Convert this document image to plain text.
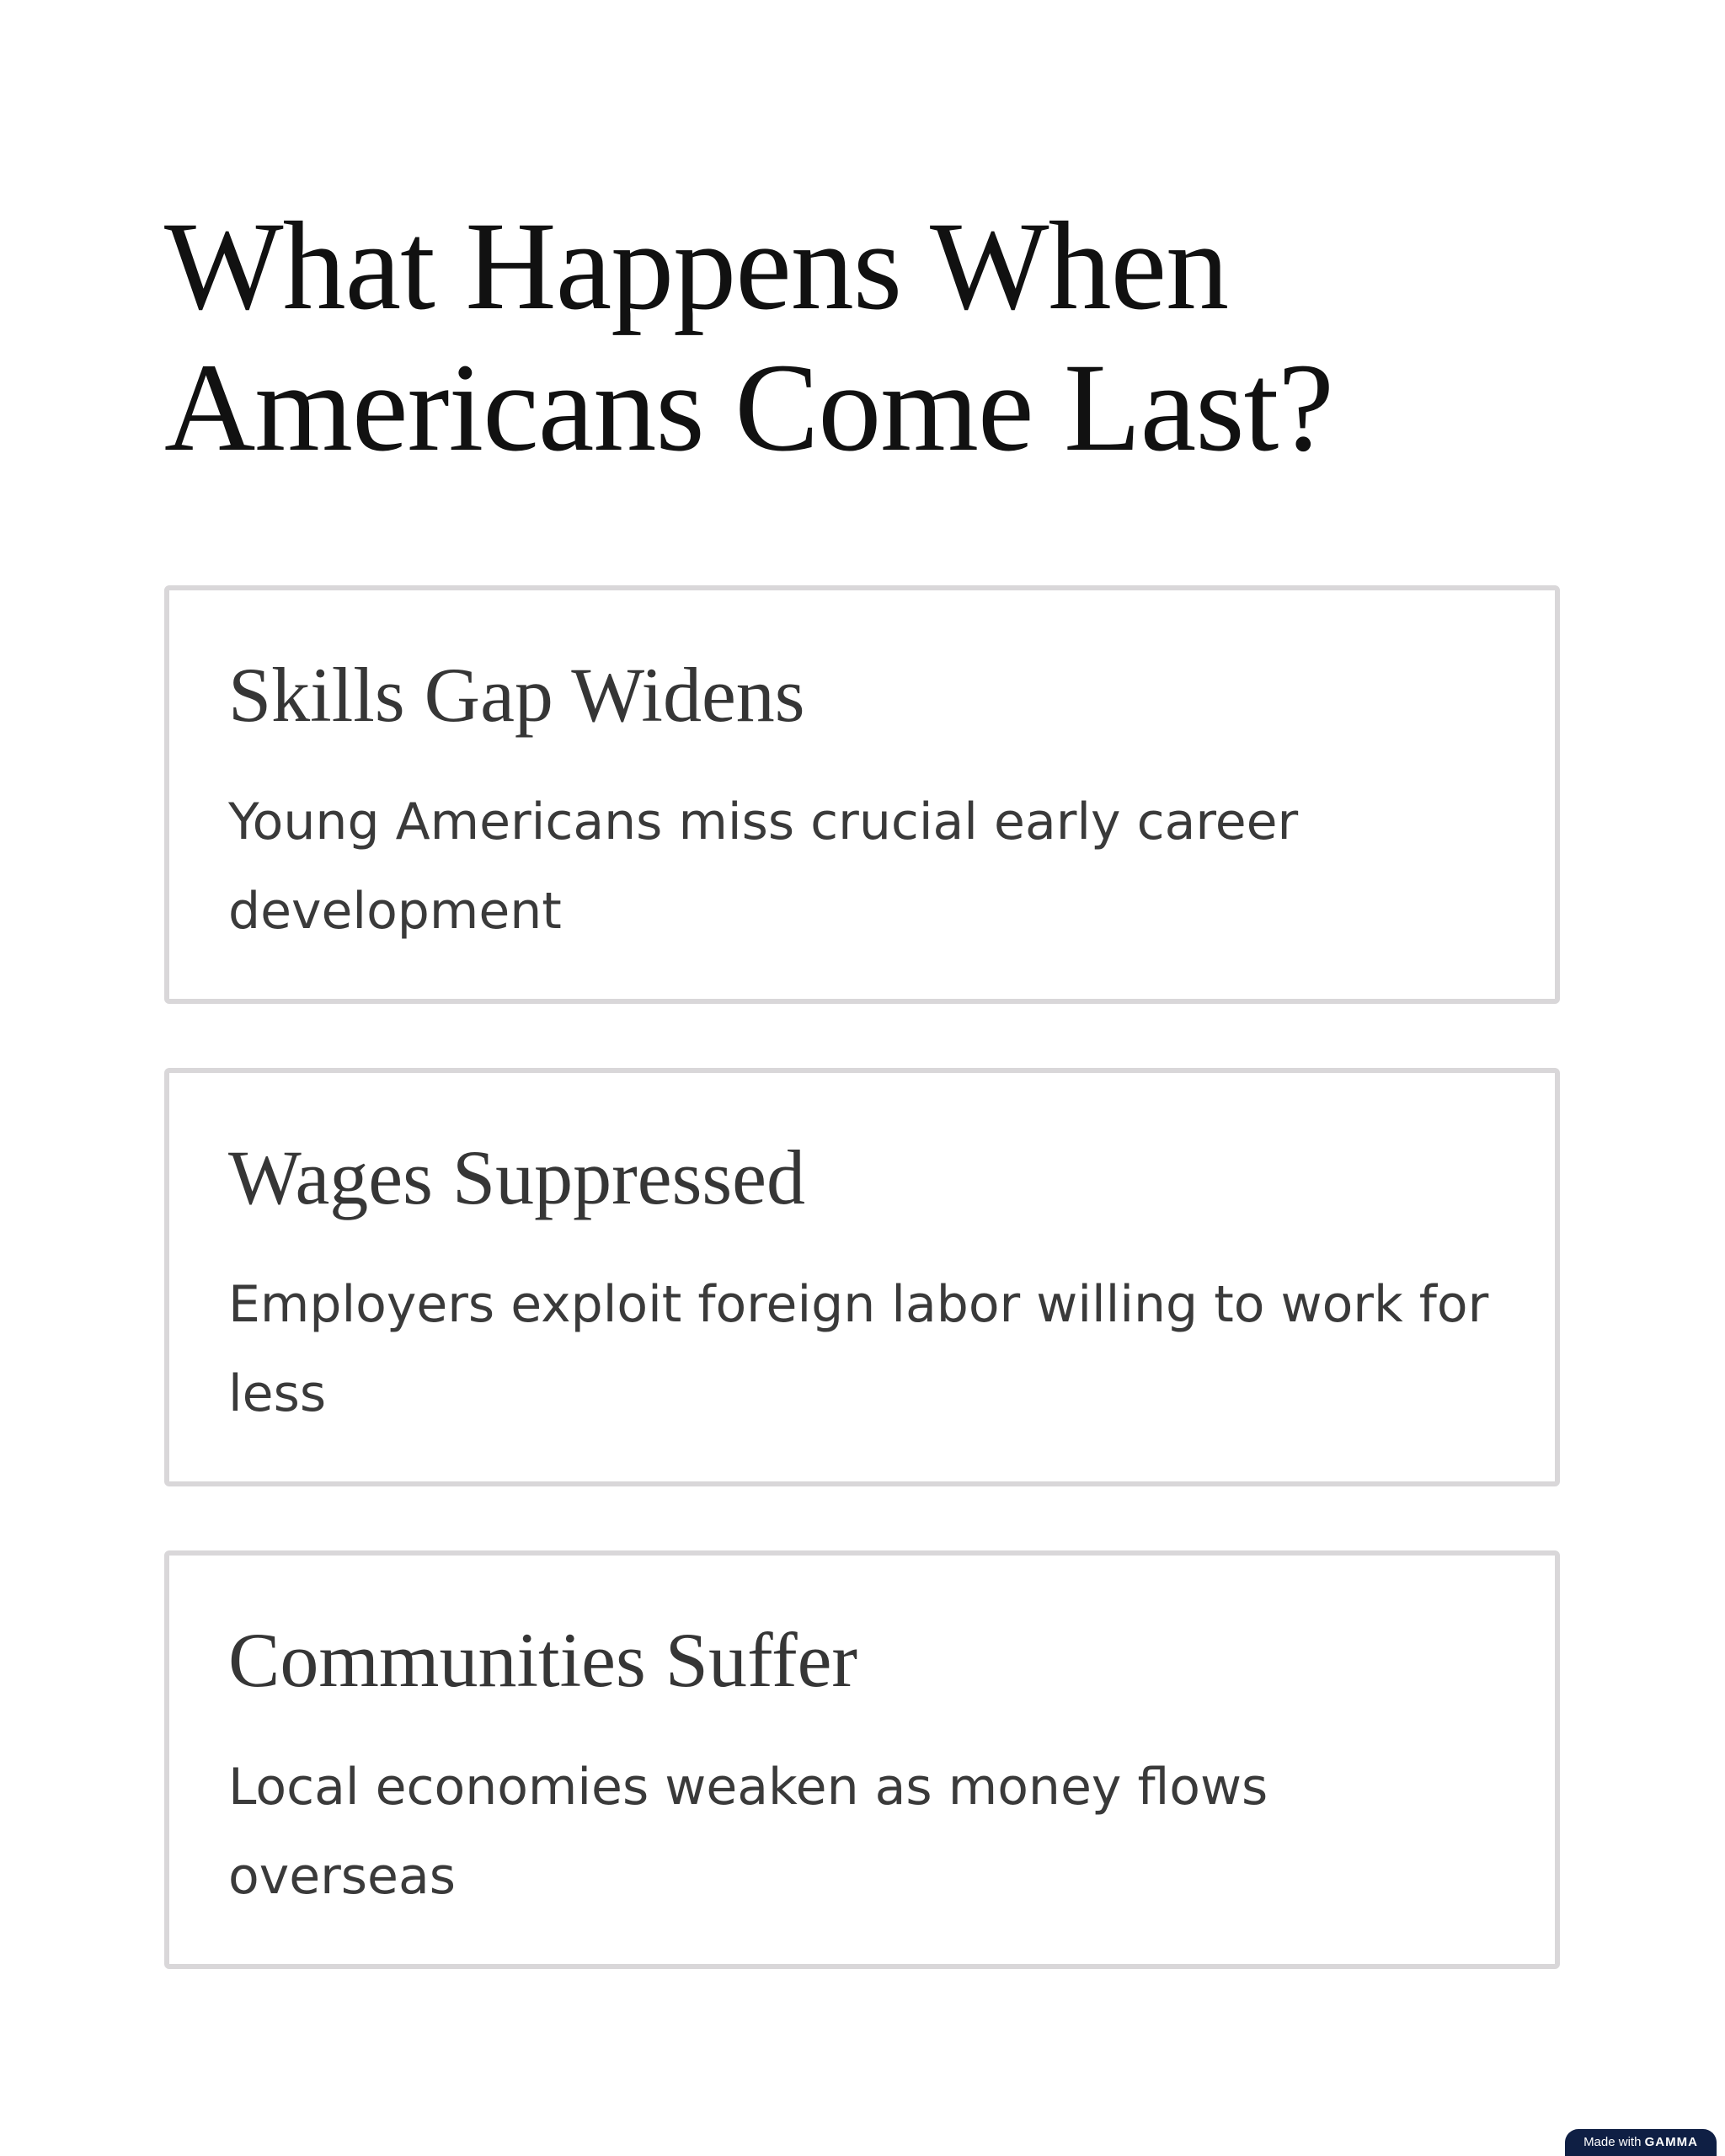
What Happens When Americans Come Last?
Skills Gap Widens

Young Americans miss crucial early career development

Wages Suppressed

Employers exploit foreign labor willing to work for less

Communities Suffer

Local economies weaken as money flows overseas

Made with GAMMA
